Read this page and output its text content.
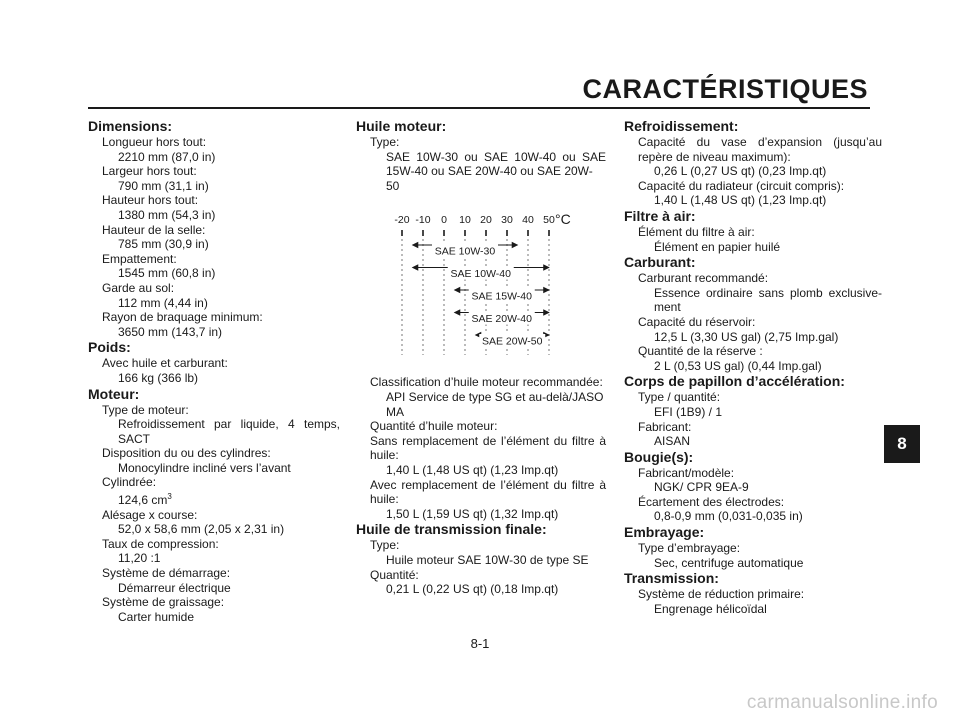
CARACTÉRISTIQUES
Dimensions:
Longueur hors tout:
2210 mm (87,0 in)
Largeur hors tout:
790 mm (31,1 in)
Hauteur hors tout:
1380 mm (54,3 in)
Hauteur de la selle:
785 mm (30,9 in)
Empattement:
1545 mm (60,8 in)
Garde au sol:
112 mm (4,44 in)
Rayon de braquage minimum:
3650 mm (143,7 in)
Poids:
Avec huile et carburant:
166 kg (366 lb)
Moteur:
Type de moteur:
Refroidissement par liquide, 4 temps,
SACT
Disposition du ou des cylindres:
Monocylindre incliné vers l’avant
Cylindrée:
124,6 $cm^3$
Alésage x course:
52,0 x 58,6 mm (2,05 x 2,31 in)
Taux de compression:
11,20 :1
Système de démarrage:
Démarreur électrique
Système de graissage:
Carter humide
Huile moteur:
Type:
SAE 10W-30 ou SAE 10W-40 ou SAE
15W-40 ou SAE 20W-40 ou SAE 20W-50
-20 -10 0 10 20 30 40 50 °C
SAE 10W-30
SAE 10W-40
SAE 15W-40
SAE 20W-40
SAE 20W-50
Classification d’huile moteur recommandée:
API Service de type SG et au-delà/JASO
MA
Quantité d’huile moteur:
Sans remplacement de l’élément du filtre à
huile:
1,40 L (1,48 US qt) (1,23 Imp.qt)
Avec remplacement de l’élément du filtre à
huile:
1,50 L (1,59 US qt) (1,32 Imp.qt)
Huile de transmission finale:
Type:
Huile moteur SAE 10W-30 de type SE
Quantité:
0,21 L (0,22 US qt) (0,18 Imp.qt)
Refroidissement:
Capacité du vase d’expansion (jusqu’au
repère de niveau maximum):
0,26 L (0,27 US qt) (0,23 Imp.qt)
Capacité du radiateur (circuit compris):
1,40 L (1,48 US qt) (1,23 Imp.qt)
Filtre à air:
Élément du filtre à air:
Élément en papier huilé
Carburant:
Carburant recommandé:
Essence ordinaire sans plomb exclusive-
ment
Capacité du réservoir:
12,5 L (3,30 US gal) (2,75 Imp.gal)
Quantité de la réserve :
2 L (0,53 US gal) (0,44 Imp.gal)
Corps de papillon d’accélération:
Type / quantité:
EFI (1B9) / 1
Fabricant:
AISAN
Bougie(s):
Fabricant/modèle:
NGK/ CPR 9EA-9
Écartement des électrodes:
0,8-0,9 mm (0,031-0,035 in)
Embrayage:
Type d’embrayage:
Sec, centrifuge automatique
Transmission:
Système de réduction primaire:
Engrenage hélicoïdal
8
8-1
carmanualsonline.info
